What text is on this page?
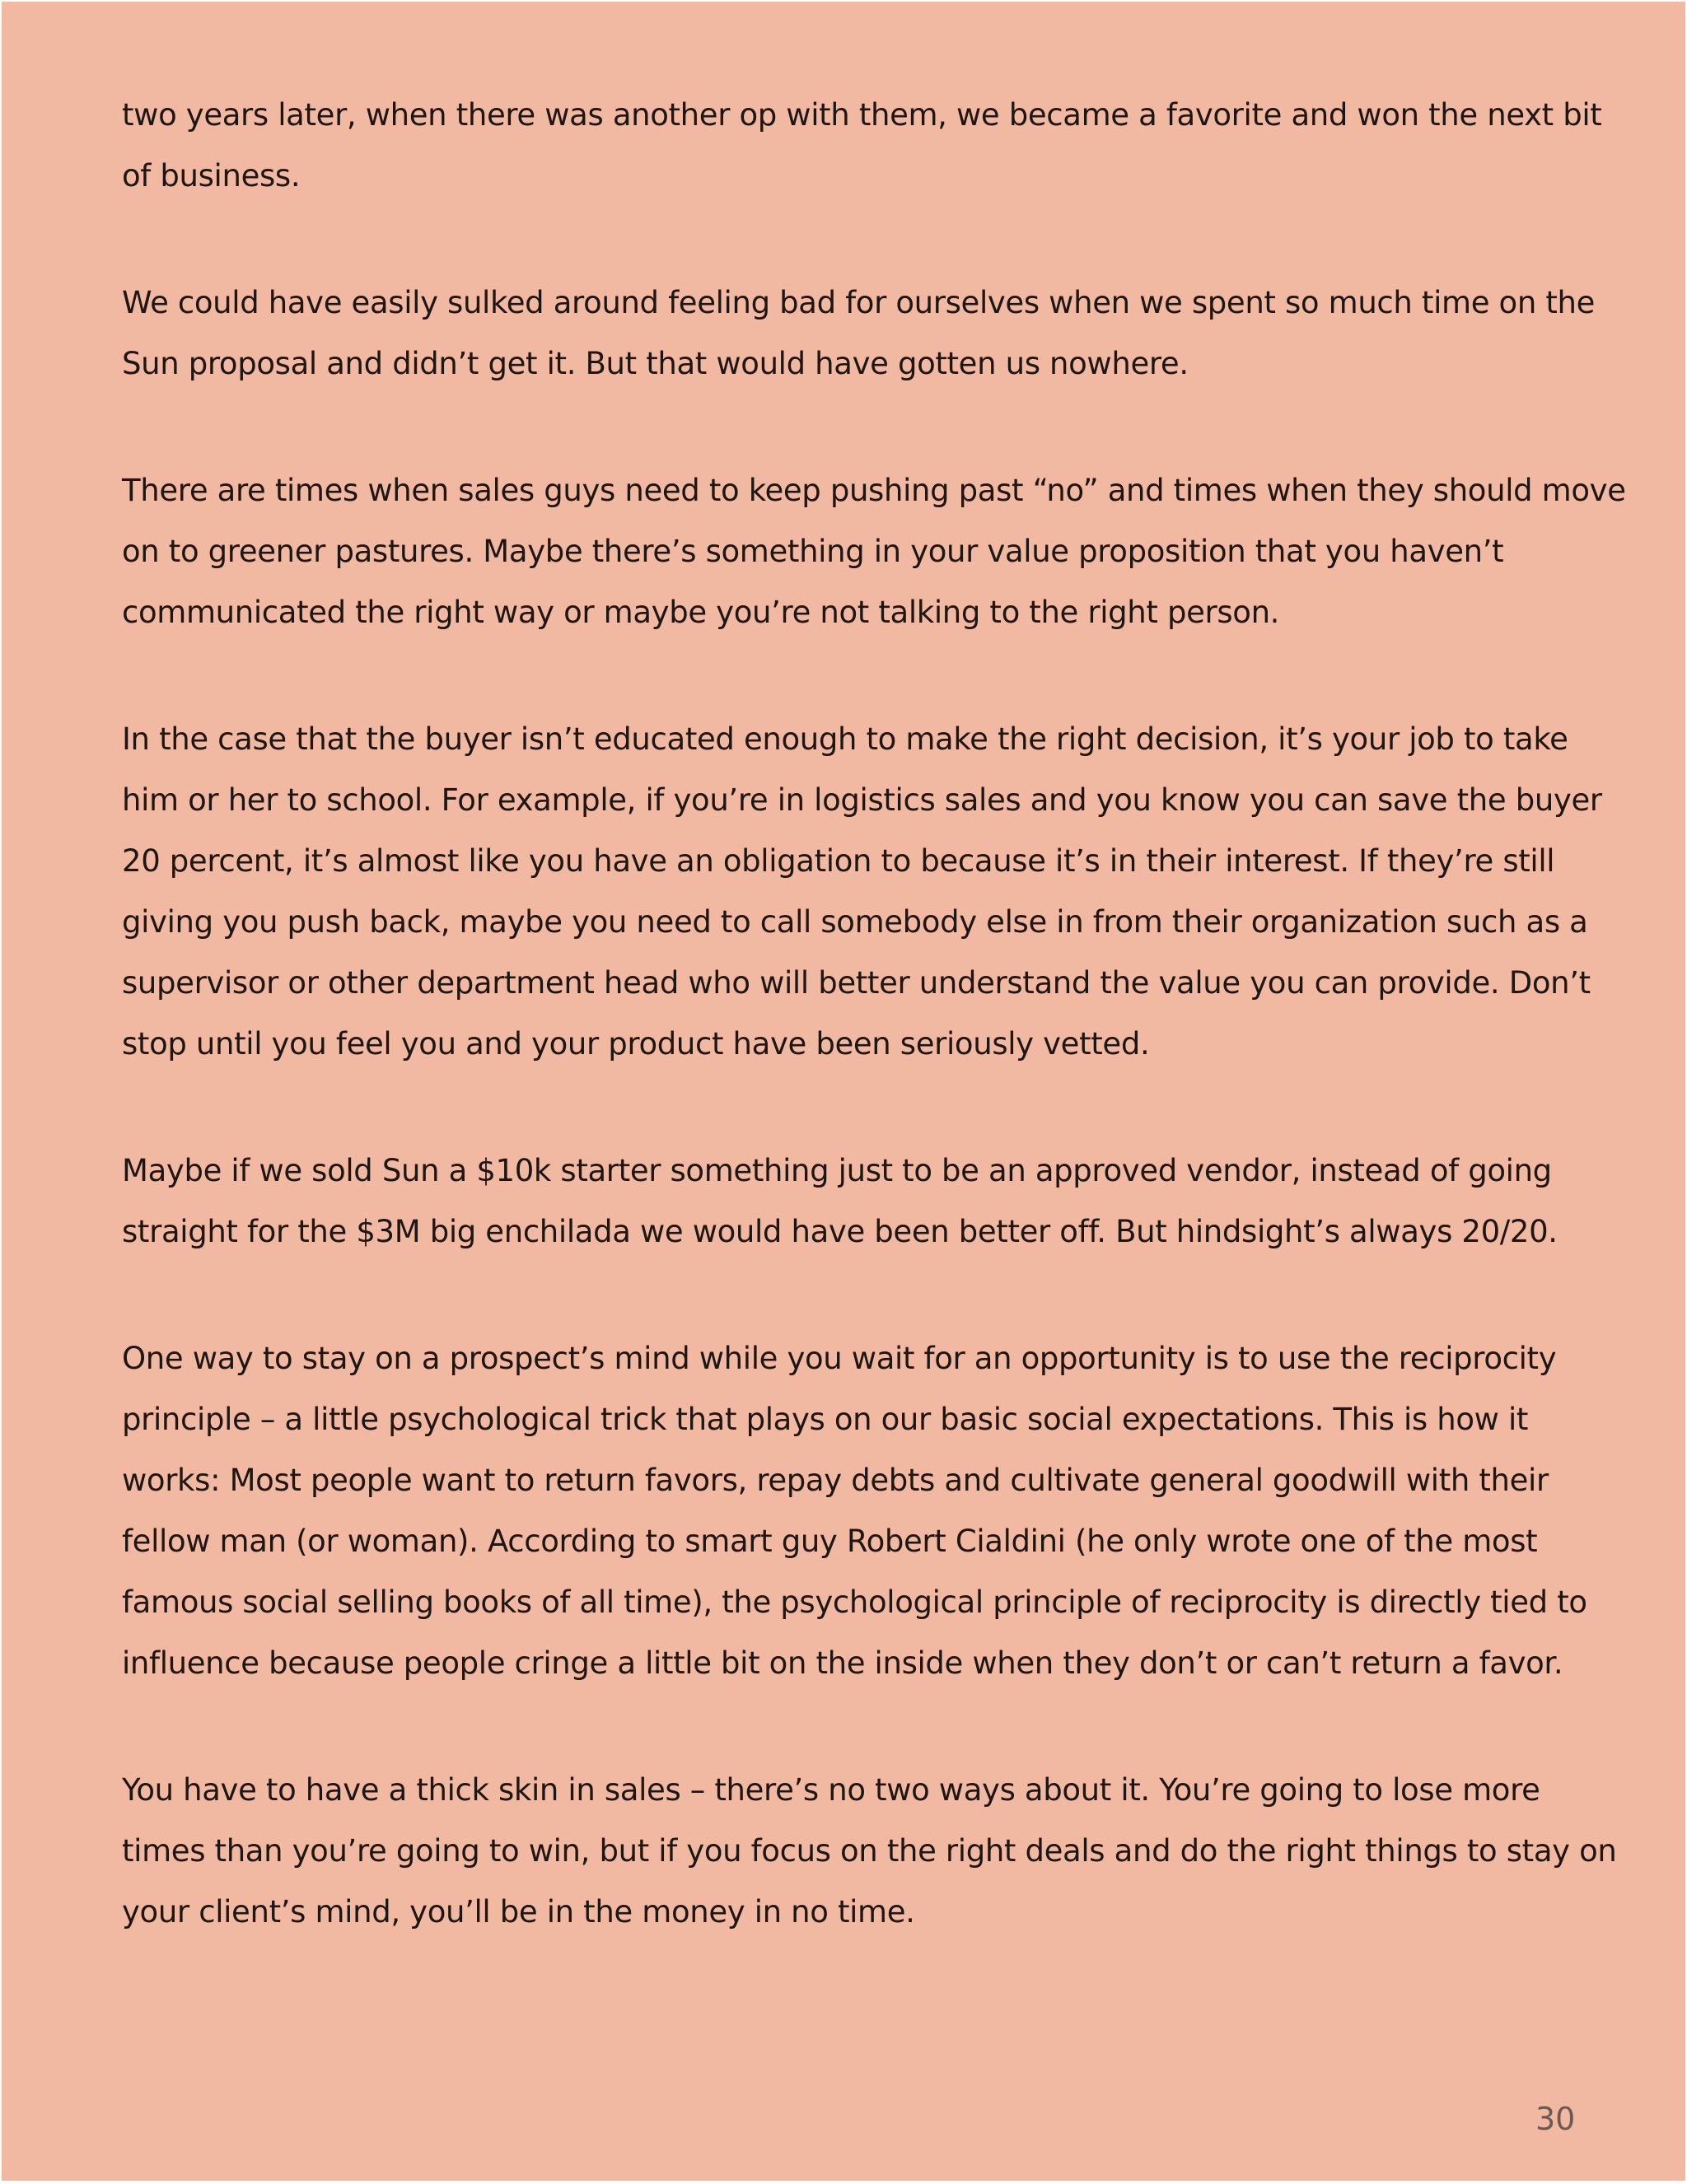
two years later, when there was another op with them, we became a favorite and won the next bit of business.

We could have easily sulked around feeling bad for ourselves when we spent so much time on the Sun proposal and didn’t get it. But that would have gotten us nowhere.

There are times when sales guys need to keep pushing past “no” and times when they should move on to greener pastures. Maybe there’s something in your value proposition that you haven’t communicated the right way or maybe you’re not talking to the right person.

In the case that the buyer isn’t educated enough to make the right decision, it’s your job to take him or her to school. For example, if you’re in logistics sales and you know you can save the buyer 20 percent, it’s almost like you have an obligation to because it’s in their interest. If they’re still giving you push back, maybe you need to call somebody else in from their organization such as a supervisor or other department head who will better understand the value you can provide. Don’t stop until you feel you and your product have been seriously vetted.

Maybe if we sold Sun a $10k starter something just to be an approved vendor, instead of going straight for the $3M big enchilada we would have been better off. But hindsight’s always 20/20.

One way to stay on a prospect’s mind while you wait for an opportunity is to use the reciprocity principle – a little psychological trick that plays on our basic social expectations. This is how it works: Most people want to return favors, repay debts and cultivate general goodwill with their fellow man (or woman). According to smart guy Robert Cialdini (he only wrote one of the most famous social selling books of all time), the psychological principle of reciprocity is directly tied to influence because people cringe a little bit on the inside when they don’t or can’t return a favor.

You have to have a thick skin in sales – there’s no two ways about it. You’re going to lose more times than you’re going to win, but if you focus on the right deals and do the right things to stay on your client’s mind, you’ll be in the money in no time.

30
